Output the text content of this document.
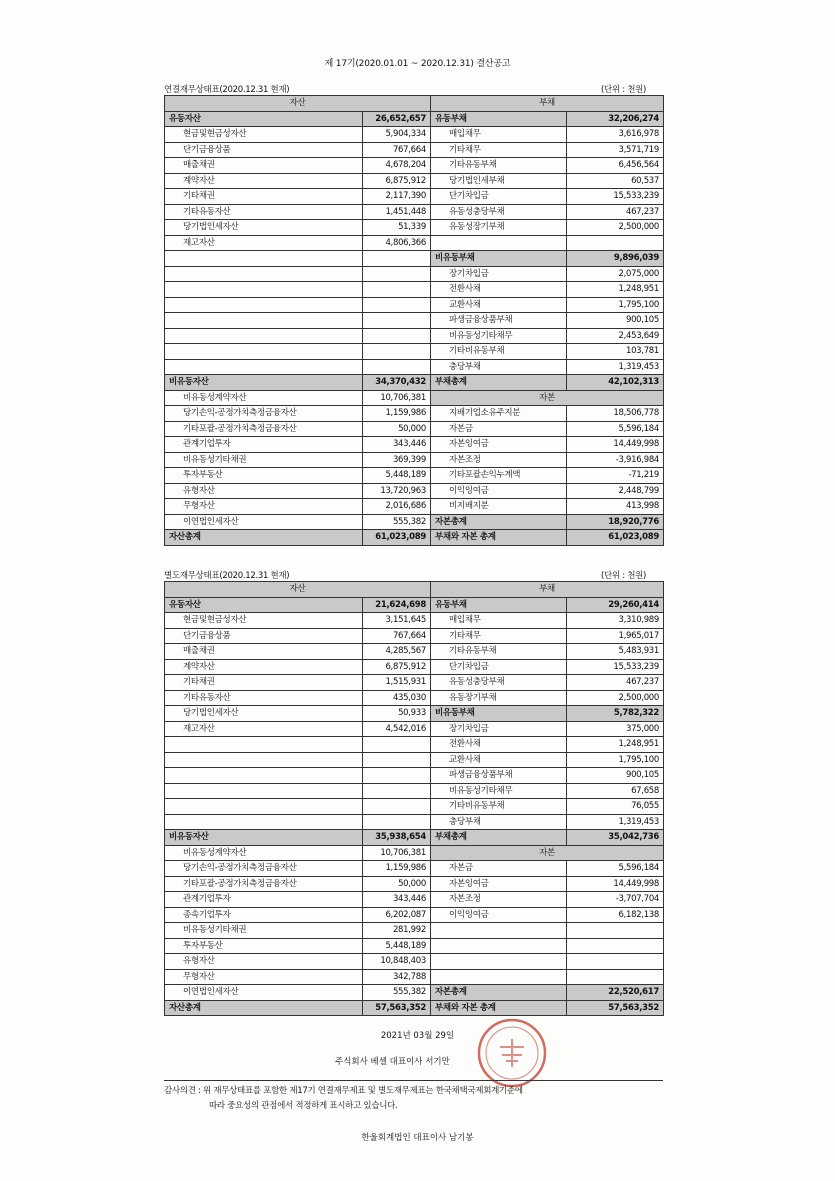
제 17기(2020.01.01 ~ 2020.12.31) 결산공고
연결재무상태표(2020.12.31 현재)	(단위 : 천원)
자산		부채	
유동자산	26,652,657	유동부채	32,206,274
현금및현금성자산	5,904,334	매입채무	3,616,978
단기금융상품	767,664	기타채무	3,571,719
매출채권	4,678,204	기타유동부채	6,456,564
계약자산	6,875,912	당기법인세부채	60,537
기타채권	2,117,390	단기차입금	15,533,239
기타유동자산	1,451,448	유동성충당부채	467,237
당기법인세자산	51,339	유동성장기부채	2,500,000
재고자산	4,806,366		
		비유동부채	9,896,039
		장기차입금	2,075,000
		전환사채	1,248,951
		교환사채	1,795,100
		파생금융상품부채	900,105
		비유동성기타채무	2,453,649
		기타비유동부채	103,781
		충당부채	1,319,453
비유동자산	34,370,432	부채총계	42,102,313
비유동성계약자산	10,706,381	자본	
당기손익-공정가치측정금융자산	1,159,986	지배기업소유주지분	18,506,778
기타포괄-공정가치측정금융자산	50,000	자본금	5,596,184
관계기업투자	343,446	자본잉여금	14,449,998
비유동성기타채권	369,399	자본조정	-3,916,984
투자부동산	5,448,189	기타포괄손익누계액	-71,219
유형자산	13,720,963	이익잉여금	2,448,799
무형자산	2,016,686	비지배지분	413,998
이연법인세자산	555,382	자본총계	18,920,776
자산총계	61,023,089	부채와 자본 총계	61,023,089
별도재무상태표(2020.12.31 현재)	(단위 : 천원)
자산		부채	
유동자산	21,624,698	유동부채	29,260,414
현금및현금성자산	3,151,645	매입채무	3,310,989
단기금융상품	767,664	기타채무	1,965,017
매출채권	4,285,567	기타유동부채	5,483,931
계약자산	6,875,912	단기차입금	15,533,239
기타채권	1,515,931	유동성충당부채	467,237
기타유동자산	435,030	유동장기부채	2,500,000
당기법인세자산	50,933	비유동부채	5,782,322
재고자산	4,542,016	장기차입금	375,000
		전환사채	1,248,951
		교환사채	1,795,100
		파생금융상품부채	900,105
		비유동성기타채무	67,658
		기타비유동부채	76,055
		충당부채	1,319,453
비유동자산	35,938,654	부채총계	35,042,736
비유동성계약자산	10,706,381	자본	
당기손익-공정가치측정금융자산	1,159,986	자본금	5,596,184
기타포괄-공정가치측정금융자산	50,000	자본잉여금	14,449,998
관계기업투자	343,446	자본조정	-3,707,704
종속기업투자	6,202,087	이익잉여금	6,182,138
비유동성기타채권	281,992		
투자부동산	5,448,189		
유형자산	10,848,403		
무형자산	342,788		
이연법인세자산	555,382	자본총계	22,520,617
자산총계	57,563,352	부채와 자본 총계	57,563,352
2021년 03월 29일
주식회사 베셀 대표이사 서기만
감사의견 : 위 재무상태표를 포함한 제17기 연결재무제표 및 별도재무제표는 한국채택국제회계기준에
따라 중요성의 관점에서 적정하게 표시하고 있습니다.
한울회계법인 대표이사 남기봉
